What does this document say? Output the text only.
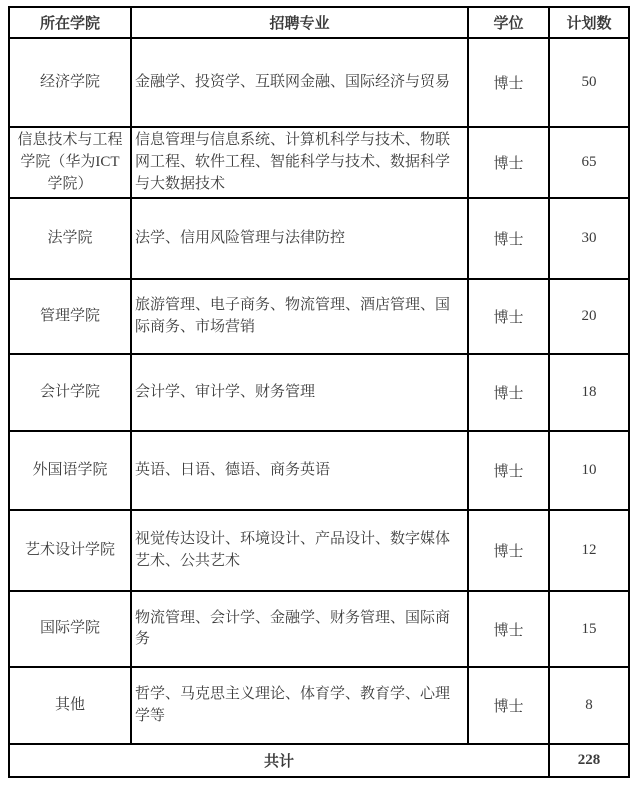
所在学院	招聘专业	学位	计划数
经济学院	金融学、投资学、互联网金融、国际经济与贸易	博士	50
信息技术与工程学院（华为ICT学院）	信息管理与信息系统、计算机科学与技术、物联网工程、软件工程、智能科学与技术、数据科学与大数据技术	博士	65
法学院	法学、信用风险管理与法律防控	博士	30
管理学院	旅游管理、电子商务、物流管理、酒店管理、国际商务、市场营销	博士	20
会计学院	会计学、审计学、财务管理	博士	18
外国语学院	英语、日语、德语、商务英语	博士	10
艺术设计学院	视觉传达设计、环境设计、产品设计、数字媒体艺术、公共艺术	博士	12
国际学院	物流管理、会计学、金融学、财务管理、国际商务	博士	15
其他	哲学、马克思主义理论、体育学、教育学、心理学等	博士	8
共计			228
